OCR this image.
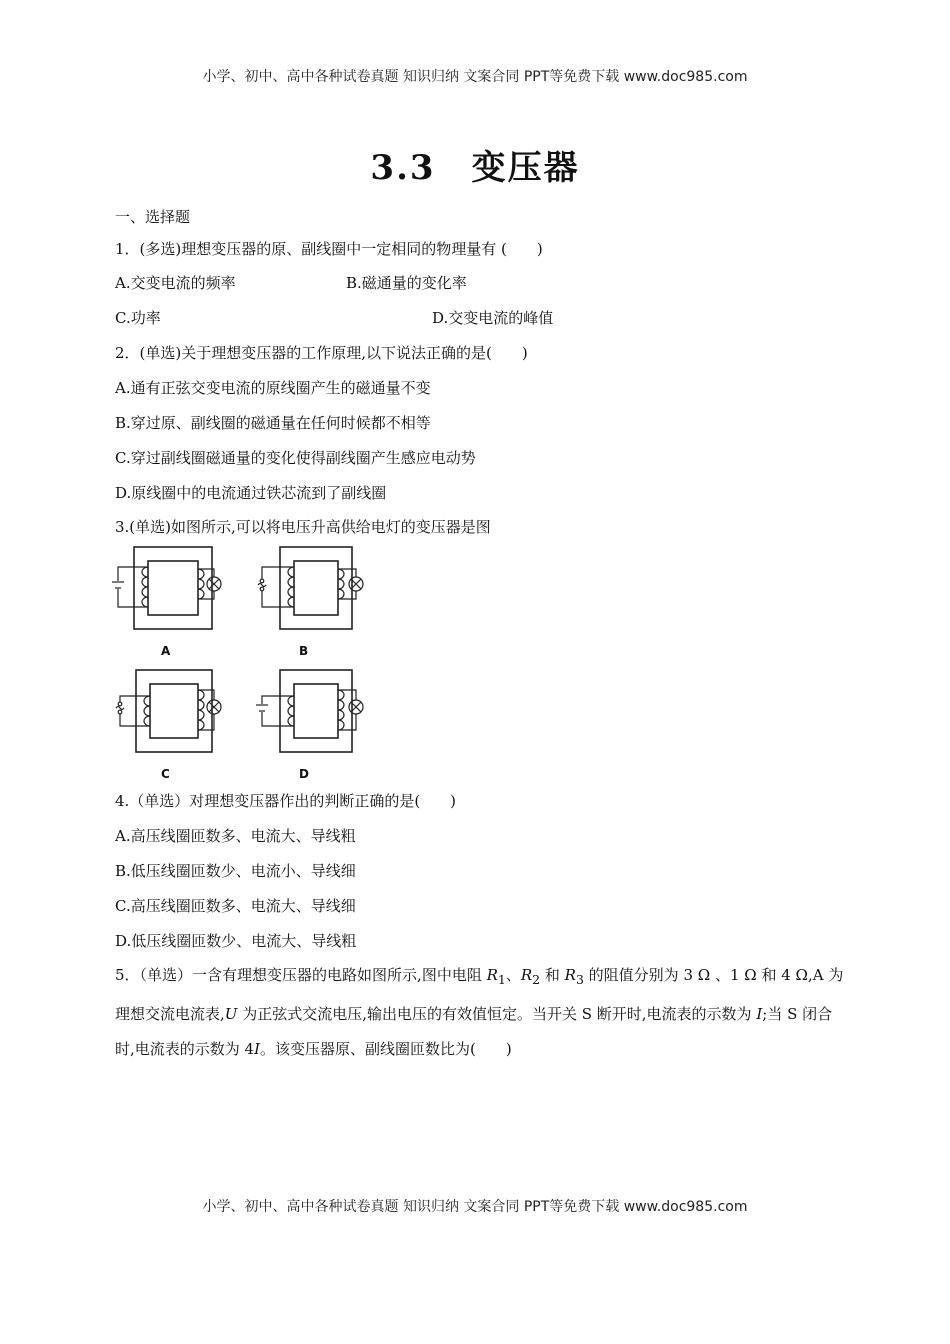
小学、初中、高中各种试卷真题 知识归纳 文案合同 PPT等免费下载 www.doc985.com
3.3　变压器
一、选择题
1．(多选)理想变压器的原、副线圈中一定相同的物理量有 (　　)
A.交变电流的频率	B.磁通量的变化率
C.功率	D.交变电流的峰值
2．(单选)关于理想变压器的工作原理,以下说法正确的是(　　)
A.通有正弦交变电流的原线圈产生的磁通量不变
B.穿过原、副线圈的磁通量在任何时候都不相等
C.穿过副线圈磁通量的变化使得副线圈产生感应电动势
D.原线圈中的电流通过铁芯流到了副线圈
3.(单选)如图所示,可以将电压升高供给电灯的变压器是图
A	B
C	D
4.（单选）对理想变压器作出的判断正确的是(　　)
A.高压线圈匝数多、电流大、导线粗
B.低压线圈匝数少、电流小、导线细
C.高压线圈匝数多、电流大、导线细
D.低压线圈匝数少、电流大、导线粗
5．（单选）一含有理想变压器的电路如图所示,图中电阻 $R_1$、$R_2$ 和 $R_3$ 的阻值分别为 3 Ω 、1 Ω 和 4 Ω,A 为理想交流电流表,U 为正弦式交流电压,输出电压的有效值恒定。当开关 S 断开时,电流表的示数为 I;当 S 闭合时,电流表的示数为 4I。该变压器原、副线圈匝数比为(　　)
小学、初中、高中各种试卷真题 知识归纳 文案合同 PPT等免费下载 www.doc985.com
